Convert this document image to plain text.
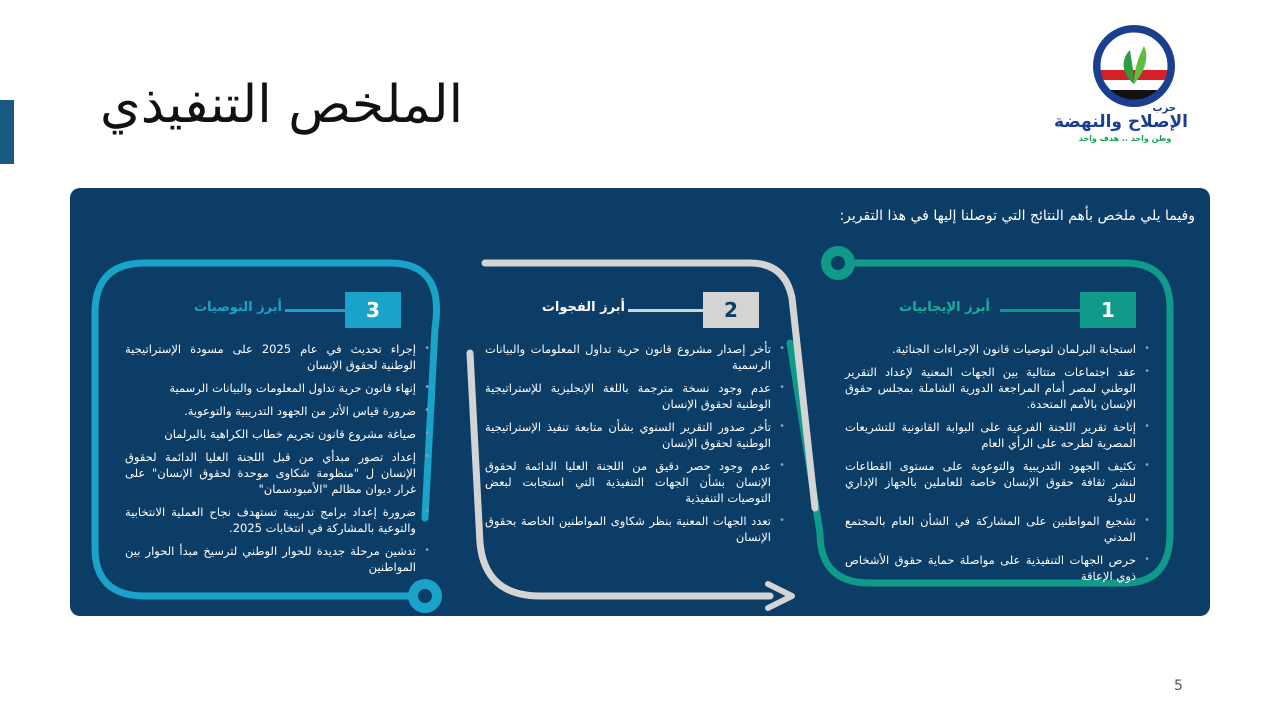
الملخص التنفيذي	حزب
الإصلاح والنهضة
وطن واحد .. هدف واحد
وفيما يلي ملخص بأهم النتائج التي توصلنا إليها في هذا التقرير:
1
أبرز الإيجابيات
• استجابة البرلمان لتوصيات قانون الإجراءات الجنائية.
• عقد اجتماعات متتالية بين الجهات المعنية لإعداد التقرير الوطني لمصر أمام المراجعة الدورية الشاملة بمجلس حقوق الإنسان بالأمم المتحدة.
• إتاحة تقرير اللجنة الفرعية على البوابة القانونية للتشريعات المصرية لطرحه على الرأي العام
• تكثيف الجهود التدريبية والتوعوية على مستوى القطاعات لنشر ثقافة حقوق الإنسان خاصة للعاملين بالجهاز الإداري للدولة
• تشجيع المواطنين على المشاركة في الشأن العام بالمجتمع المدني
• حرص الجهات التنفيذية على مواصلة حماية حقوق الأشخاص ذوي الإعاقة
2
أبرز الفجوات
• تأخر إصدار مشروع قانون حرية تداول المعلومات والبيانات الرسمية
• عدم وجود نسخة مترجمة باللغة الإنجليزية للإستراتيجية الوطنية لحقوق الإنسان
• تأخر صدور التقرير السنوي بشأن متابعة تنفيذ الإستراتيجية الوطنية لحقوق الإنسان
• عدم وجود حصر دقيق من اللجنة العليا الدائمة لحقوق الإنسان بشأن الجهات التنفيذية التي استجابت لبعض التوصيات التنفيذية
• تعدد الجهات المعنية بنظر شكاوى المواطنين الخاصة بحقوق الإنسان
3
أبرز التوصيات
• إجراء تحديث في عام 2025 على مسودة الإستراتيجية الوطنية لحقوق الإنسان
• إنهاء قانون حرية تداول المعلومات والبيانات الرسمية
• ضرورة قياس الأثر من الجهود التدريبية والتوعوية.
• صياغة مشروع قانون تجريم خطاب الكراهية بالبرلمان
• إعداد تصور مبدأي من قبل اللجنة العليا الدائمة لحقوق الإنسان ل "منظومة شكاوى موحدة لحقوق الإنسان" على غرار ديوان مظالم "الأمبودسمان"
• ضرورة إعداد برامج تدريبية تستهدف نجاح العملية الانتخابية والتوعية بالمشاركة في انتخابات 2025.
• تدشين مرحلة جديدة للحوار الوطني لترسيخ مبدأ الحوار بين المواطنين
5
